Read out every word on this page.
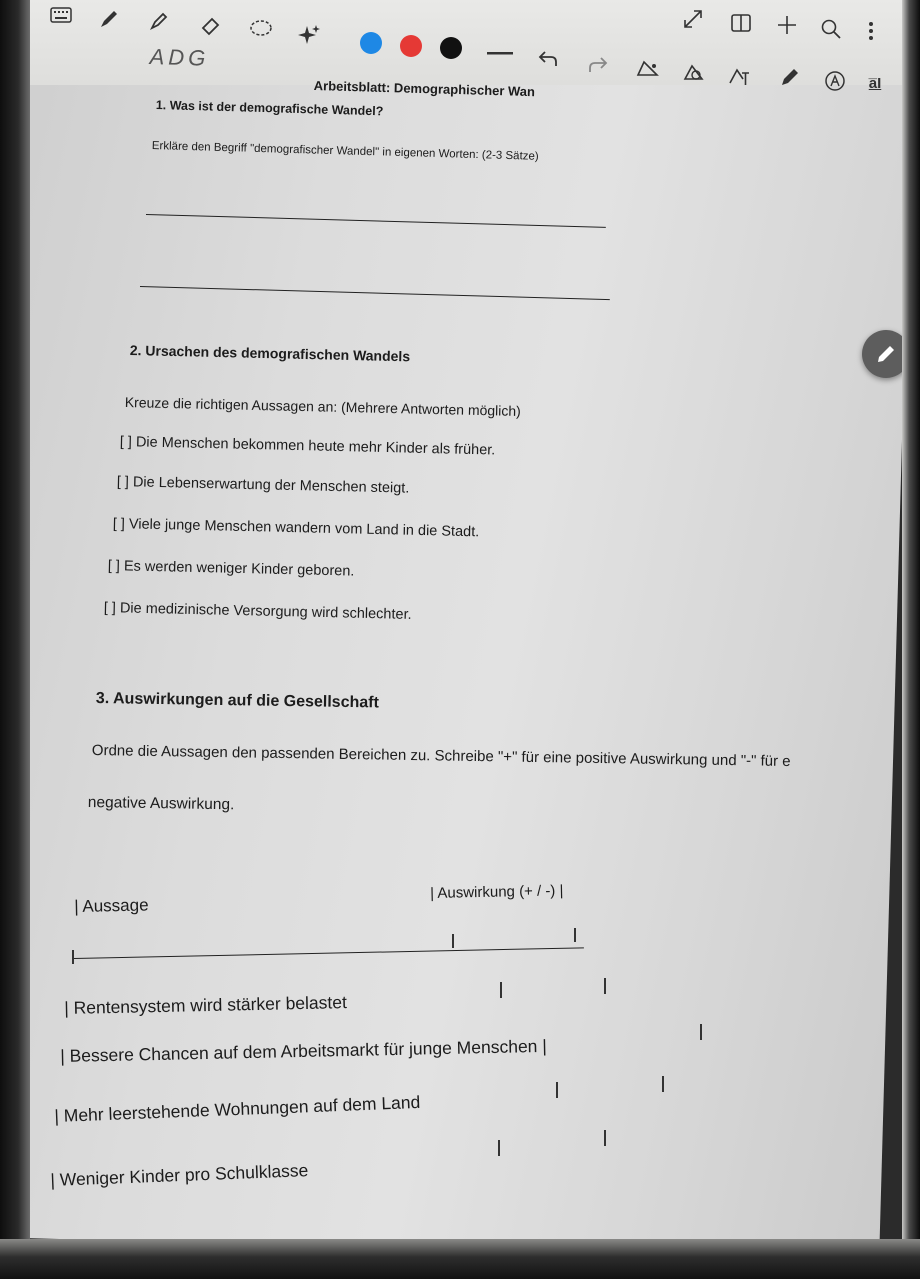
a̅I
ADG
Arbeitsblatt: Demographischer Wan
1. Was ist der demografische Wandel?
Erkläre den Begriff "demografischer Wandel" in eigenen Worten: (2-3 Sätze)
2. Ursachen des demografischen Wandels
Kreuze die richtigen Aussagen an: (Mehrere Antworten möglich)
[ ] Die Menschen bekommen heute mehr Kinder als früher.
[ ] Die Lebenserwartung der Menschen steigt.
[ ] Viele junge Menschen wandern vom Land in die Stadt.
[ ] Es werden weniger Kinder geboren.
[ ] Die medizinische Versorgung wird schlechter.
3. Auswirkungen auf die Gesellschaft
Ordne die Aussagen den passenden Bereichen zu. Schreibe "+" für eine positive Auswirkung und "-" für e
negative Auswirkung.
| Aussage
| Auswirkung (+ / -) |
| Rentensystem wird stärker belastet
| Bessere Chancen auf dem Arbeitsmarkt für junge Menschen |
| Mehr leerstehende Wohnungen auf dem Land
| Weniger Kinder pro Schulklasse
